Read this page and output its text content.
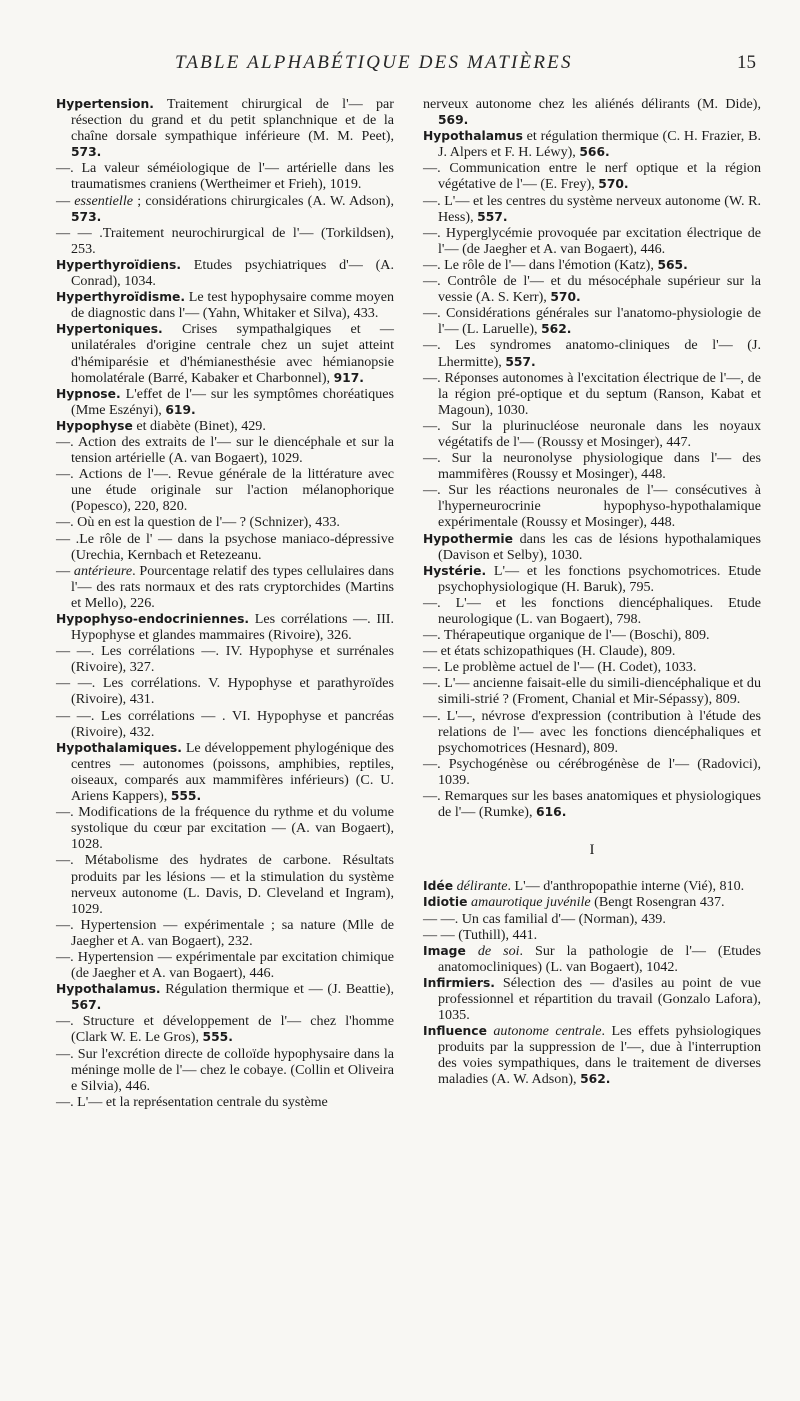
TABLE ALPHABÉTIQUE DES MATIÈRES	15

Hypertension. Traitement chirurgical de l'— par résection du grand et du petit splanchnique et de la chaîne dorsale sympathique inférieure (M. M. Peet), 573.

—. La valeur séméiologique de l'— artérielle dans les traumatismes craniens (Werthеimer et Frieh), 1019.

— essentielle ; considérations chirurgicales (A. W. Adson), 573.

— — .Traitement neurochirurgical de l'— (Torkildsen), 253.

Hyperthyroïdiens. Etudes psychiatriques d'— (A. Conrad), 1034.

Hyperthyroïdisme. Le test hypophysaire comme moyen de diagnostic dans l'— (Yahn, Whitaker et Silva), 433.

Hypertoniques. Crises sympathalgiques et — unilatérales d'origine centrale chez un sujet atteint d'hémiparésie et d'hémianesthésie avec hémianopsie homolatérale (Barré, Kabaker et Charbonnel), 917.

Hypnose. L'effet de l'— sur les symptômes choréatiques (Mme Eszényi), 619.

Hypophyse et diabète (Binet), 429.

—. Action des extraits de l'— sur le diencéphale et sur la tension artérielle (A. van Bogaert), 1029.

—. Actions de l'—. Revue générale de la littérature avec une étude originale sur l'action mélanophorique (Popesco), 220, 820.

—. Où en est la question de l'— ? (Schnizer), 433.

— .Le rôle de l' — dans la psychose maniaco-dépressive (Urechia, Kernbach et Retezeanu.

— antérieure. Pourcentage relatif des types cellulaires dans l'— des rats normaux et des rats cryptorchides (Martins et Mello), 226.

Hypophyso-endocriniennes. Les corrélations —. III. Hypophyse et glandes mammaires (Rivoire), 326.

— —. Les corrélations —. IV. Hypophyse et surrénales (Rivoire), 327.

— —. Les corrélations. V. Hypophyse et parathyroïdes (Rivoire), 431.

— —. Les corrélations — . VI. Hypophyse et pancréas (Rivoire), 432.

Hypothalamiques. Le développement phylogénique des centres — autonomes (poissons, amphibies, reptiles, oiseaux, comparés aux mammifères inférieurs) (C. U. Ariens Kappers), 555.

—. Modifications de la fréquence du rythme et du volume systolique du cœur par excitation — (A. van Bogaert), 1028.

—. Métabolisme des hydrates de carbone. Résultats produits par les lésions — et la stimulation du système nerveux autonome (L. Davis, D. Cleveland et Ingram), 1029.

—. Hypertension — expérimentale ; sa nature (Mlle de Jaegher et A. van Bogaert), 232.

—. Hypertension — expérimentale par excitation chimique (de Jaegher et A. van Bogaert), 446.

Hypothalamus. Régulation thermique et — (J. Beattie), 567.

—. Structure et développement de l'— chez l'homme (Clark W. E. Le Gros), 555.

—. Sur l'excrétion directe de colloïde hypophysaire dans la méninge molle de l'— chez le cobaye. (Collin et Oliveira e Silvia), 446.

—. L'— et la représentation centrale du système

nerveux autonome chez les aliénés délirants (M. Dide), 569.

Hypothalamus et régulation thermique (C. H. Frazier, B. J. Alpers et F. H. Léwy), 566.

—. Communication entre le nerf optique et la région végétative de l'— (E. Frey), 570.

—. L'— et les centres du système nerveux autonome (W. R. Hess), 557.

—. Hyperglycémie provoquée par excitation électrique de l'— (de Jaegher et A. van Bogaert), 446.

—. Le rôle de l'— dans l'émotion (Katz), 565.

—. Contrôle de l'— et du mésocéphale supérieur sur la vessie (A. S. Kerr), 570.

—. Considérations générales sur l'anatomo-physiologie de l'— (L. Laruelle), 562.

—. Les syndromes anatomo-cliniques de l'— (J. Lhermitte), 557.

—. Réponses autonomes à l'excitation électrique de l'—, de la région pré-optique et du septum (Ranson, Kabat et Magoun), 1030.

—. Sur la plurinucléose neuronale dans les noyaux végétatifs de l'— (Roussy et Mosinger), 447.

—. Sur la neuronolyse physiologique dans l'— des mammifères (Roussy et Mosinger), 448.

—. Sur les réactions neuronales de l'— consécutives à l'hyperneurocrinie hypophyso-hypothalamique expérimentale (Roussy et Mosinger), 448.

Hypothermie dans les cas de lésions hypothalamiques (Davison et Selby), 1030.

Hystérie. L'— et les fonctions psychomotrices. Etude psychophysiologique (H. Baruk), 795.

—. L'— et les fonctions diencéphaliques. Etude neurologique (L. van Bogaert), 798.

—. Thérapeutique organique de l'— (Boschi), 809.

— et états schizopathiques (H. Claude), 809.

—. Le problème actuel de l'— (H. Codet), 1033.

—. L'— ancienne faisait-elle du simili-diencéphalique et du simili-strié ? (Froment, Chanial et Mir-Sépassy), 809.

—. L'—, névrose d'expression (contribution à l'étude des relations de l'— avec les fonctions diencéphaliques et psychomotrices (Hesnard), 809.

—. Psychogénèse ou cérébrogénèse de l'— (Radovici), 1039.

—. Remarques sur les bases anatomiques et physiologiques de l'— (Rumke), 616.

I

Idée délirante. L'— d'anthropopathie interne (Vié), 810.

Idiotie amaurotique juvénile (Bengt Rosengran 437.

— —. Un cas familial d'— (Norman), 439.

— — (Tuthill), 441.

Image de soi. Sur la pathologie de l'— (Etudes anatomocliniques) (L. van Bogaert), 1042.

Infirmiers. Sélection des — d'asiles au point de vue professionnel et répartition du travail (Gonzalo Lafora), 1035.

Influence autonome centrale. Les effets pyhsiologiques produits par la suppression de l'—, due à l'interruption des voies sympathiques, dans le traitement de diverses maladies (A. W. Adson), 562.
